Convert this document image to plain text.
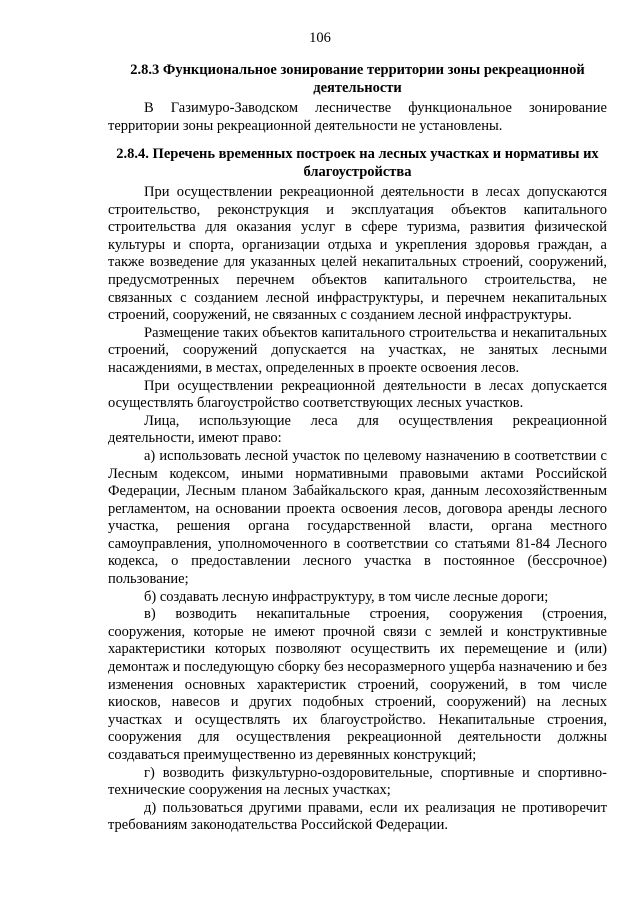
106

2.8.3 Функциональное зонирование территории зоны рекреационной деятельности

В Газимуро-Заводском лесничестве функциональное зонирование территории зоны рекреационной деятельности не установлены.

2.8.4. Перечень временных построек на лесных участках и нормативы их благоустройства

При осуществлении рекреационной деятельности в лесах допускаются строительство, реконструкция и эксплуатация объектов капитального строительства для оказания услуг в сфере туризма, развития физической культуры и спорта, организации отдыха и укрепления здоровья граждан, а также возведение для указанных целей некапитальных строений, сооружений, предусмотренных перечнем объектов капитального строительства, не связанных с созданием лесной инфраструктуры, и перечнем некапитальных строений, сооружений, не связанных с созданием лесной инфраструктуры.

Размещение таких объектов капитального строительства и некапитальных строений, сооружений допускается на участках, не занятых лесными насаждениями, в местах, определенных в проекте освоения лесов.

При осуществлении рекреационной деятельности в лесах допускается осуществлять благоустройство соответствующих лесных участков.

Лица, использующие леса для осуществления рекреационной деятельности, имеют право:

а) использовать лесной участок по целевому назначению в соответствии с Лесным кодексом, иными нормативными правовыми актами Российской Федерации, Лесным планом Забайкальского края, данным лесохозяйственным регламентом, на основании проекта освоения лесов, договора аренды лесного участка, решения органа государственной власти, органа местного самоуправления, уполномоченного в соответствии со статьями 81-84 Лесного кодекса, о предоставлении лесного участка в постоянное (бессрочное) пользование;

б) создавать лесную инфраструктуру, в том числе лесные дороги;

в) возводить некапитальные строения, сооружения (строения, сооружения, которые не имеют прочной связи с землей и конструктивные характеристики которых позволяют осуществить их перемещение и (или) демонтаж и последующую сборку без несоразмерного ущерба назначению и без изменения основных характеристик строений, сооружений, в том числе киосков, навесов и других подобных строений, сооружений) на лесных участках и осуществлять их благоустройство. Некапитальные строения, сооружения для осуществления рекреационной деятельности должны создаваться преимущественно из деревянных конструкций;

г) возводить физкультурно-оздоровительные, спортивные и спортивно-технические сооружения на лесных участках;

д) пользоваться другими правами, если их реализация не противоречит требованиям законодательства Российской Федерации.
